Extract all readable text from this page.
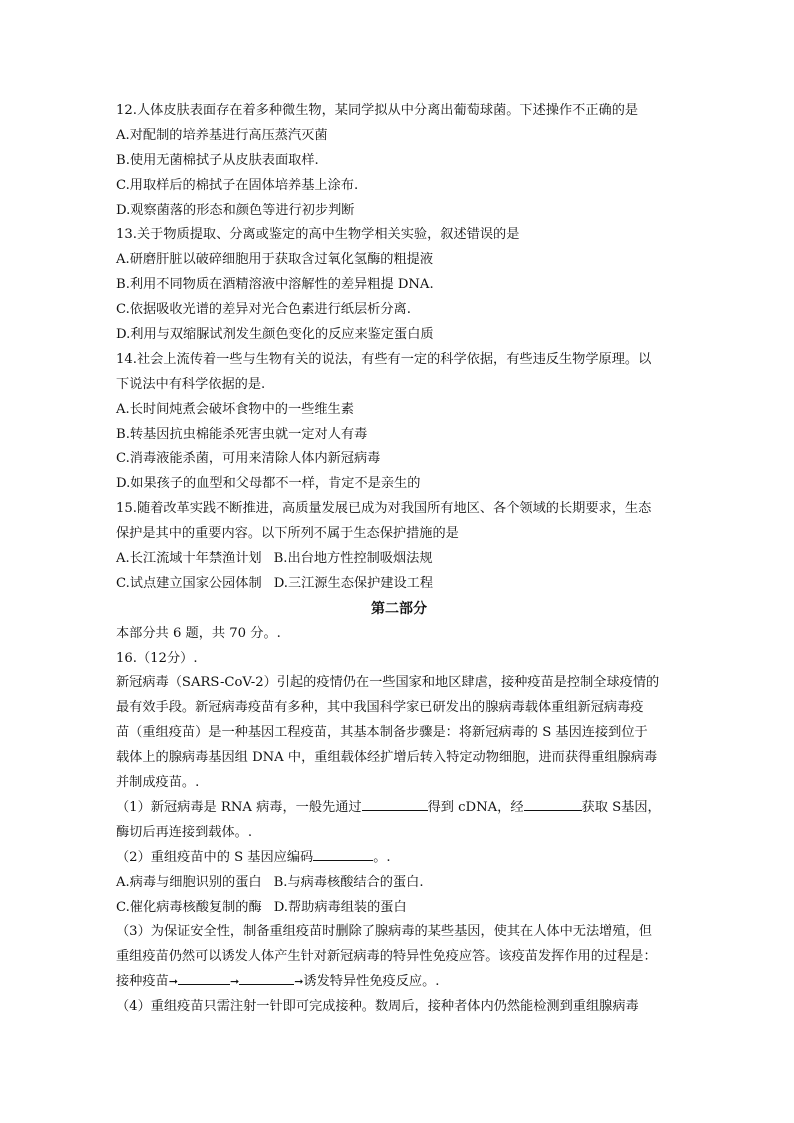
12.人体皮肤表面存在着多种微生物，某同学拟从中分离出葡萄球菌。下述操作不正确的是
A.对配制的培养基进行高压蒸汽灭菌
B.使用无菌棉拭子从皮肤表面取样.
C.用取样后的棉拭子在固体培养基上涂布.
D.观察菌落的形态和颜色等进行初步判断
13.关于物质提取、分离或鉴定的高中生物学相关实验，叙述错误的是
A.研磨肝脏以破碎细胞用于获取含过氧化氢酶的粗提液
B.利用不同物质在酒精溶液中溶解性的差异粗提 DNA.
C.依据吸收光谱的差异对光合色素进行纸层析分离.
D.利用与双缩脲试剂发生颜色变化的反应来鉴定蛋白质
14.社会上流传着一些与生物有关的说法，有些有一定的科学依据，有些违反生物学原理。以
下说法中有科学依据的是.
A.长时间炖煮会破坏食物中的一些维生素
B.转基因抗虫棉能杀死害虫就一定对人有毒
C.消毒液能杀菌，可用来清除人体内新冠病毒
D.如果孩子的血型和父母都不一样，肯定不是亲生的
15.随着改革实践不断推进，高质量发展已成为对我国所有地区、各个领域的长期要求，生态
保护是其中的重要内容。以下所列不属于生态保护措施的是
A.长江流域十年禁渔计划 B.出台地方性控制吸烟法规
C.试点建立国家公园体制 D.三江源生态保护建设工程
第二部分
本部分共 6 题，共 70 分。.
16.（12分）.
新冠病毒（SARS-CoV-2）引起的疫情仍在一些国家和地区肆虐，接种疫苗是控制全球疫情的
最有效手段。新冠病毒疫苗有多种，其中我国科学家已研发出的腺病毒载体重组新冠病毒疫
苗（重组疫苗）是一种基因工程疫苗，其基本制备步骤是：将新冠病毒的 S 基因连接到位于
载体上的腺病毒基因组 DNA 中，重组载体经扩增后转入特定动物细胞，进而获得重组腺病毒
并制成疫苗。.
（1）新冠病毒是 RNA 病毒，一般先通过	得到 cDNA，经	获取 S基因，
酶切后再连接到载体。.
（2）重组疫苗中的 S 基因应编码	。.
A.病毒与细胞识别的蛋白 B.与病毒核酸结合的蛋白.
C.催化病毒核酸复制的酶 D.帮助病毒组装的蛋白
（3）为保证安全性，制备重组疫苗时删除了腺病毒的某些基因，使其在人体中无法增殖，但
重组疫苗仍然可以诱发人体产生针对新冠病毒的特异性免疫应答。该疫苗发挥作用的过程是：
接种疫苗➞	➞	➞诱发特异性免疫反应。.
（4）重组疫苗只需注射一针即可完成接种。数周后，接种者体内仍然能检测到重组腺病毒
